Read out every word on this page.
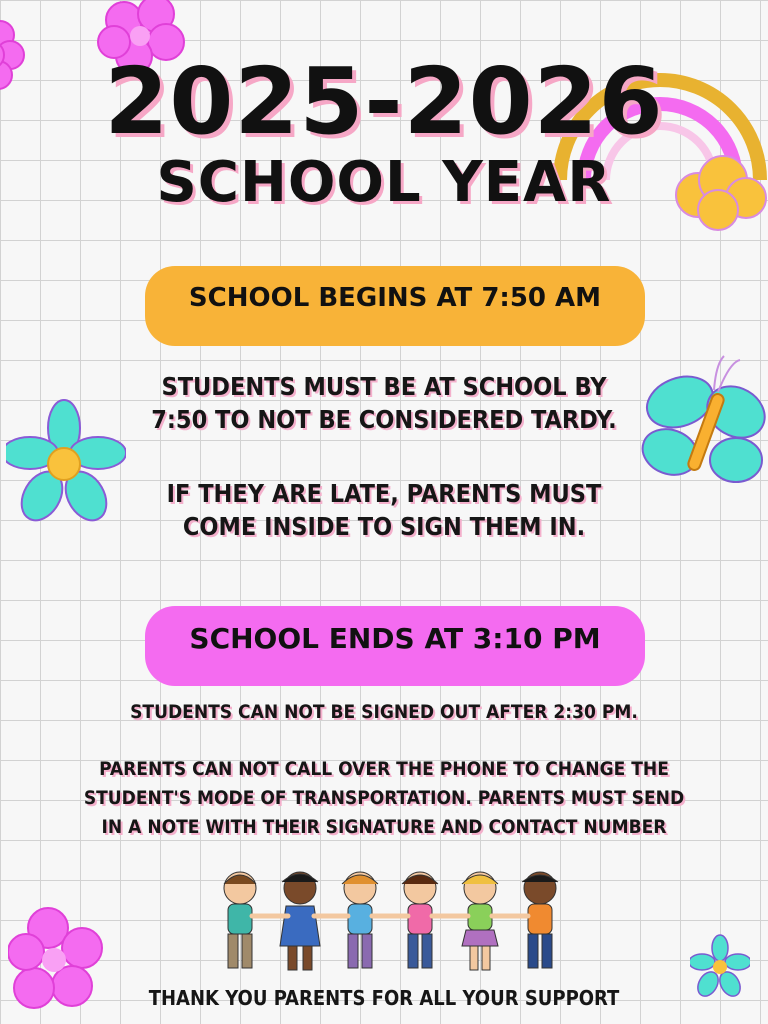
2025-2026
SCHOOL YEAR
SCHOOL BEGINS AT 7:50 AM
STUDENTS MUST BE AT SCHOOL BY
7:50 TO NOT BE CONSIDERED TARDY.
IF THEY ARE LATE, PARENTS MUST
COME INSIDE TO SIGN THEM IN.
SCHOOL ENDS AT 3:10 PM
STUDENTS CAN NOT BE SIGNED OUT AFTER 2:30 PM.
PARENTS CAN NOT CALL OVER THE PHONE TO CHANGE THE
STUDENT'S MODE OF TRANSPORTATION. PARENTS MUST SEND
IN A NOTE WITH THEIR SIGNATURE AND CONTACT NUMBER
THANK YOU PARENTS FOR ALL YOUR SUPPORT
